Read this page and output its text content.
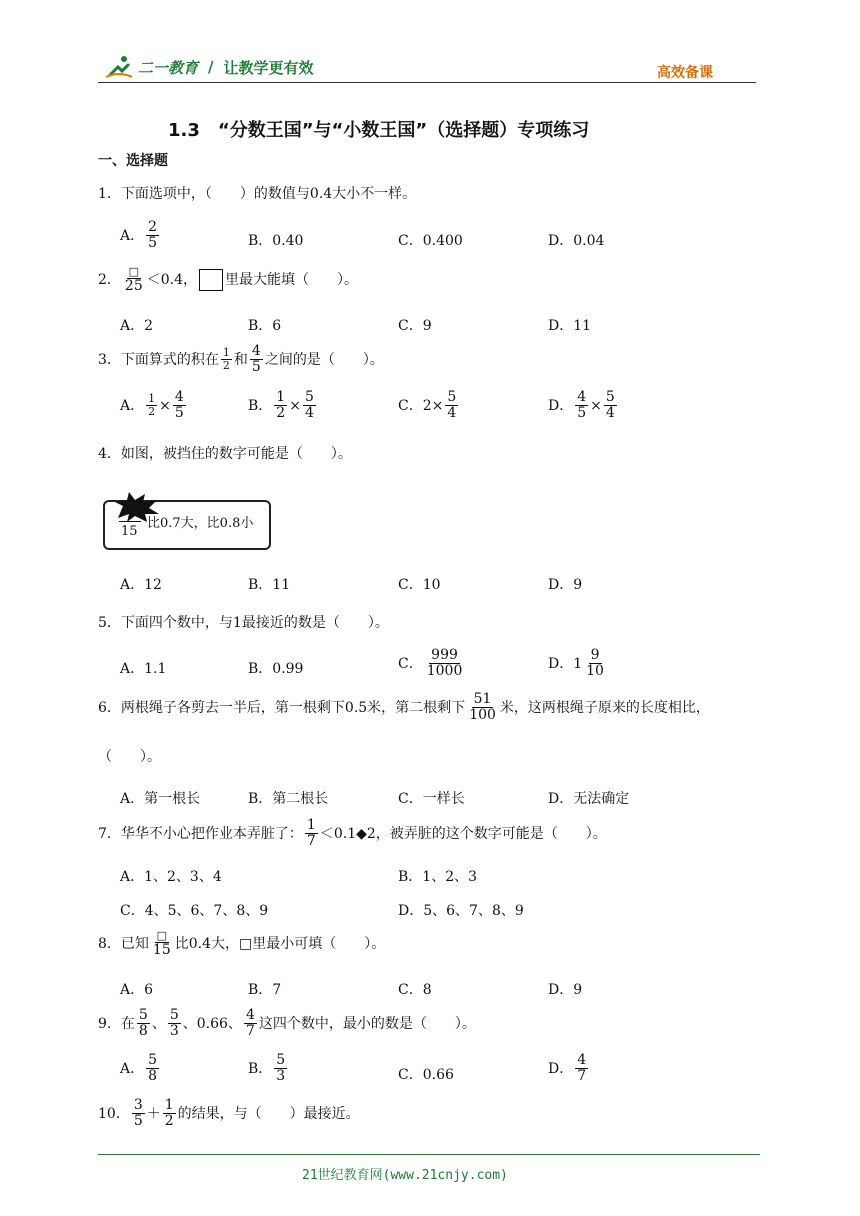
二一教育 / 让教学更有效	高效备课
1.3　“分数王国”与“小数王国”（选择题）专项练习
一、选择题
1．下面选项中，（　　）的数值与0.4大小不一样。
A． $\frac{2}{5}$	B．0.40	C．0.400	D．0.04
2． $\frac{□}{25} <0.4$， 里最大能填（　　）。
A．2	B．6	C．9	D．11
3．下面算式的积在 $\frac{1}{2}$ 和 $\frac{4}{5}$ 之间的是（　　）。
A． $\frac{1}{2} \times \frac{4}{5}$	B． $\frac{1}{2} \times \frac{5}{4}$	C．$2\times \frac{5}{4}$	D． $\frac{4}{5} \times \frac{5}{4}$
4．如图，被挡住的数字可能是（　　）。
15
比0.7大，比0.8小
A．12	B．11	C．10	D．9
5．下面四个数中，与1最接近的数是（　　）。
A．1.1	B．0.99	C． $\frac{999}{1000}$	D．$1 \frac{9}{10}$
6．两根绳子各剪去一半后，第一根剩下0.5米，第二根剩下 $\frac{51}{100}$ 米，这两根绳子原来的长度相比，
（　　）。
A．第一根长	B．第二根长	C．一样长	D．无法确定
7．华华不小心把作业本弄脏了： $\frac{1}{7}$ ＜0.1◆2，被弄脏的这个数字可能是（　　）。
A．1、2、3、4	B．1、2、3
C．4、5、6、7、8、9	D．5、6、7、8、9
8．已知 $\frac{□}{15}$ 比0.4大，□里最小可填（　　）。
A．6	B．7	C．8	D．9
9．在 $\frac{5}{8}$ 、 $\frac{5}{3}$ 、0.66、 $\frac{4}{7}$ 这四个数中，最小的数是（　　）。
A． $\frac{5}{8}$	B． $\frac{5}{3}$	C．0.66	D． $\frac{4}{7}$
10． $\frac{3}{5} + \frac{1}{2}$ 的结果，与（　　）最接近。
21世纪教育网(www.21cnjy.com)
